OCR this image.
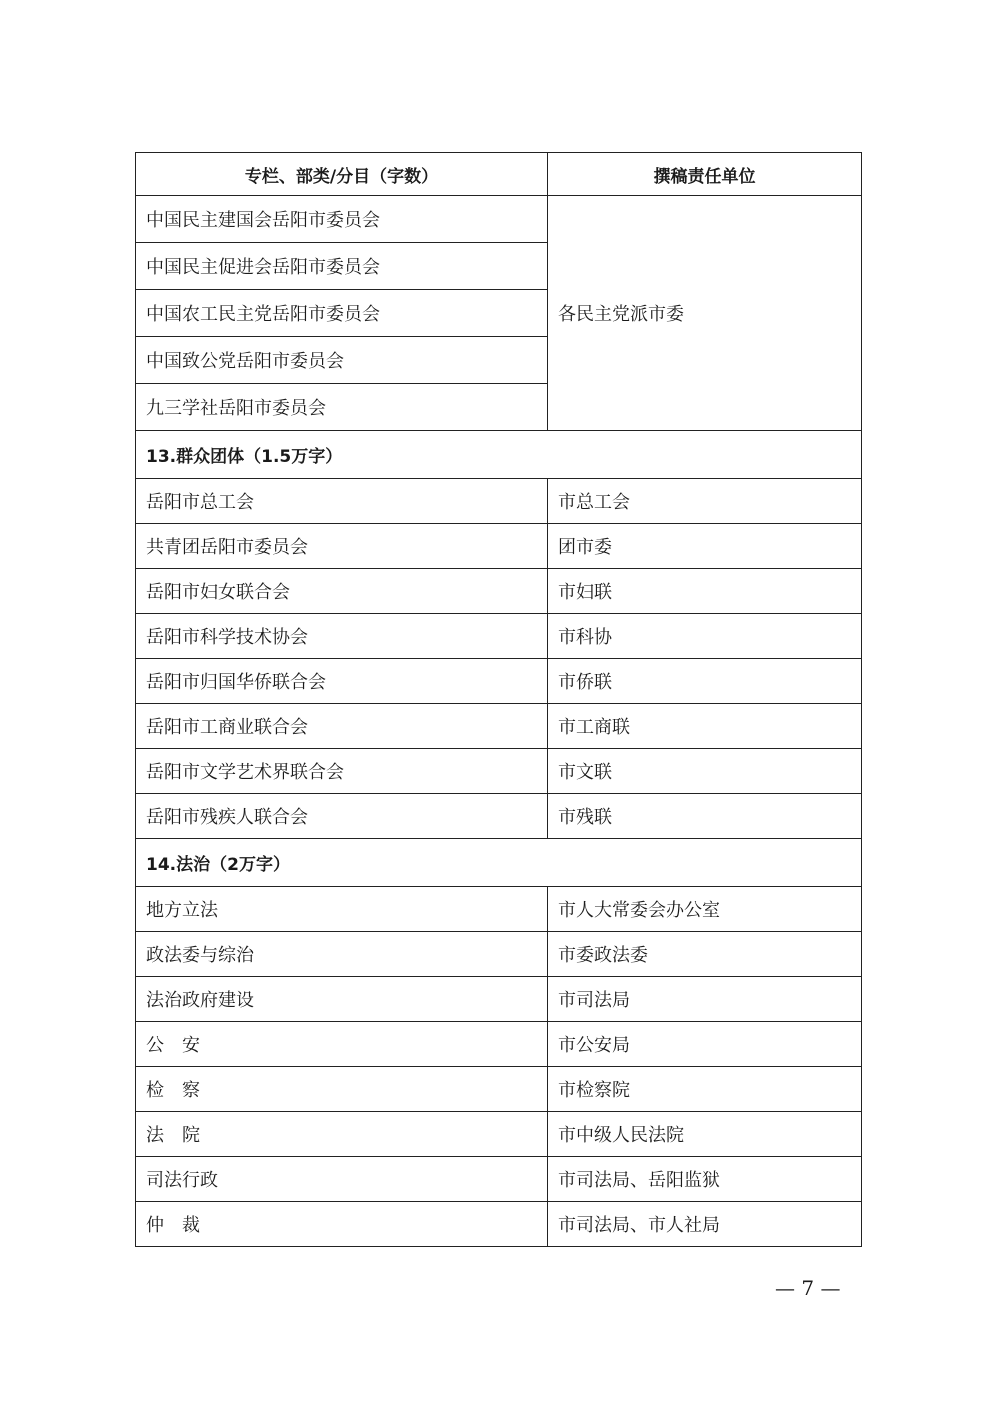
专栏、部类/分目（字数）	撰稿责任单位
中国民主建国会岳阳市委员会	各民主党派市委
中国民主促进会岳阳市委员会	
中国农工民主党岳阳市委员会	
中国致公党岳阳市委员会	
九三学社岳阳市委员会	
13.群众团体（1.5万字）	
岳阳市总工会	市总工会
共青团岳阳市委员会	团市委
岳阳市妇女联合会	市妇联
岳阳市科学技术协会	市科协
岳阳市归国华侨联合会	市侨联
岳阳市工商业联合会	市工商联
岳阳市文学艺术界联合会	市文联
岳阳市残疾人联合会	市残联
14.法治（2万字）	
地方立法	市人大常委会办公室
政法委与综治	市委政法委
法治政府建设	市司法局
公　安	市公安局
检　察	市检察院
法　院	市中级人民法院
司法行政	市司法局、岳阳监狱
仲　裁	市司法局、市人社局
— 7 —
